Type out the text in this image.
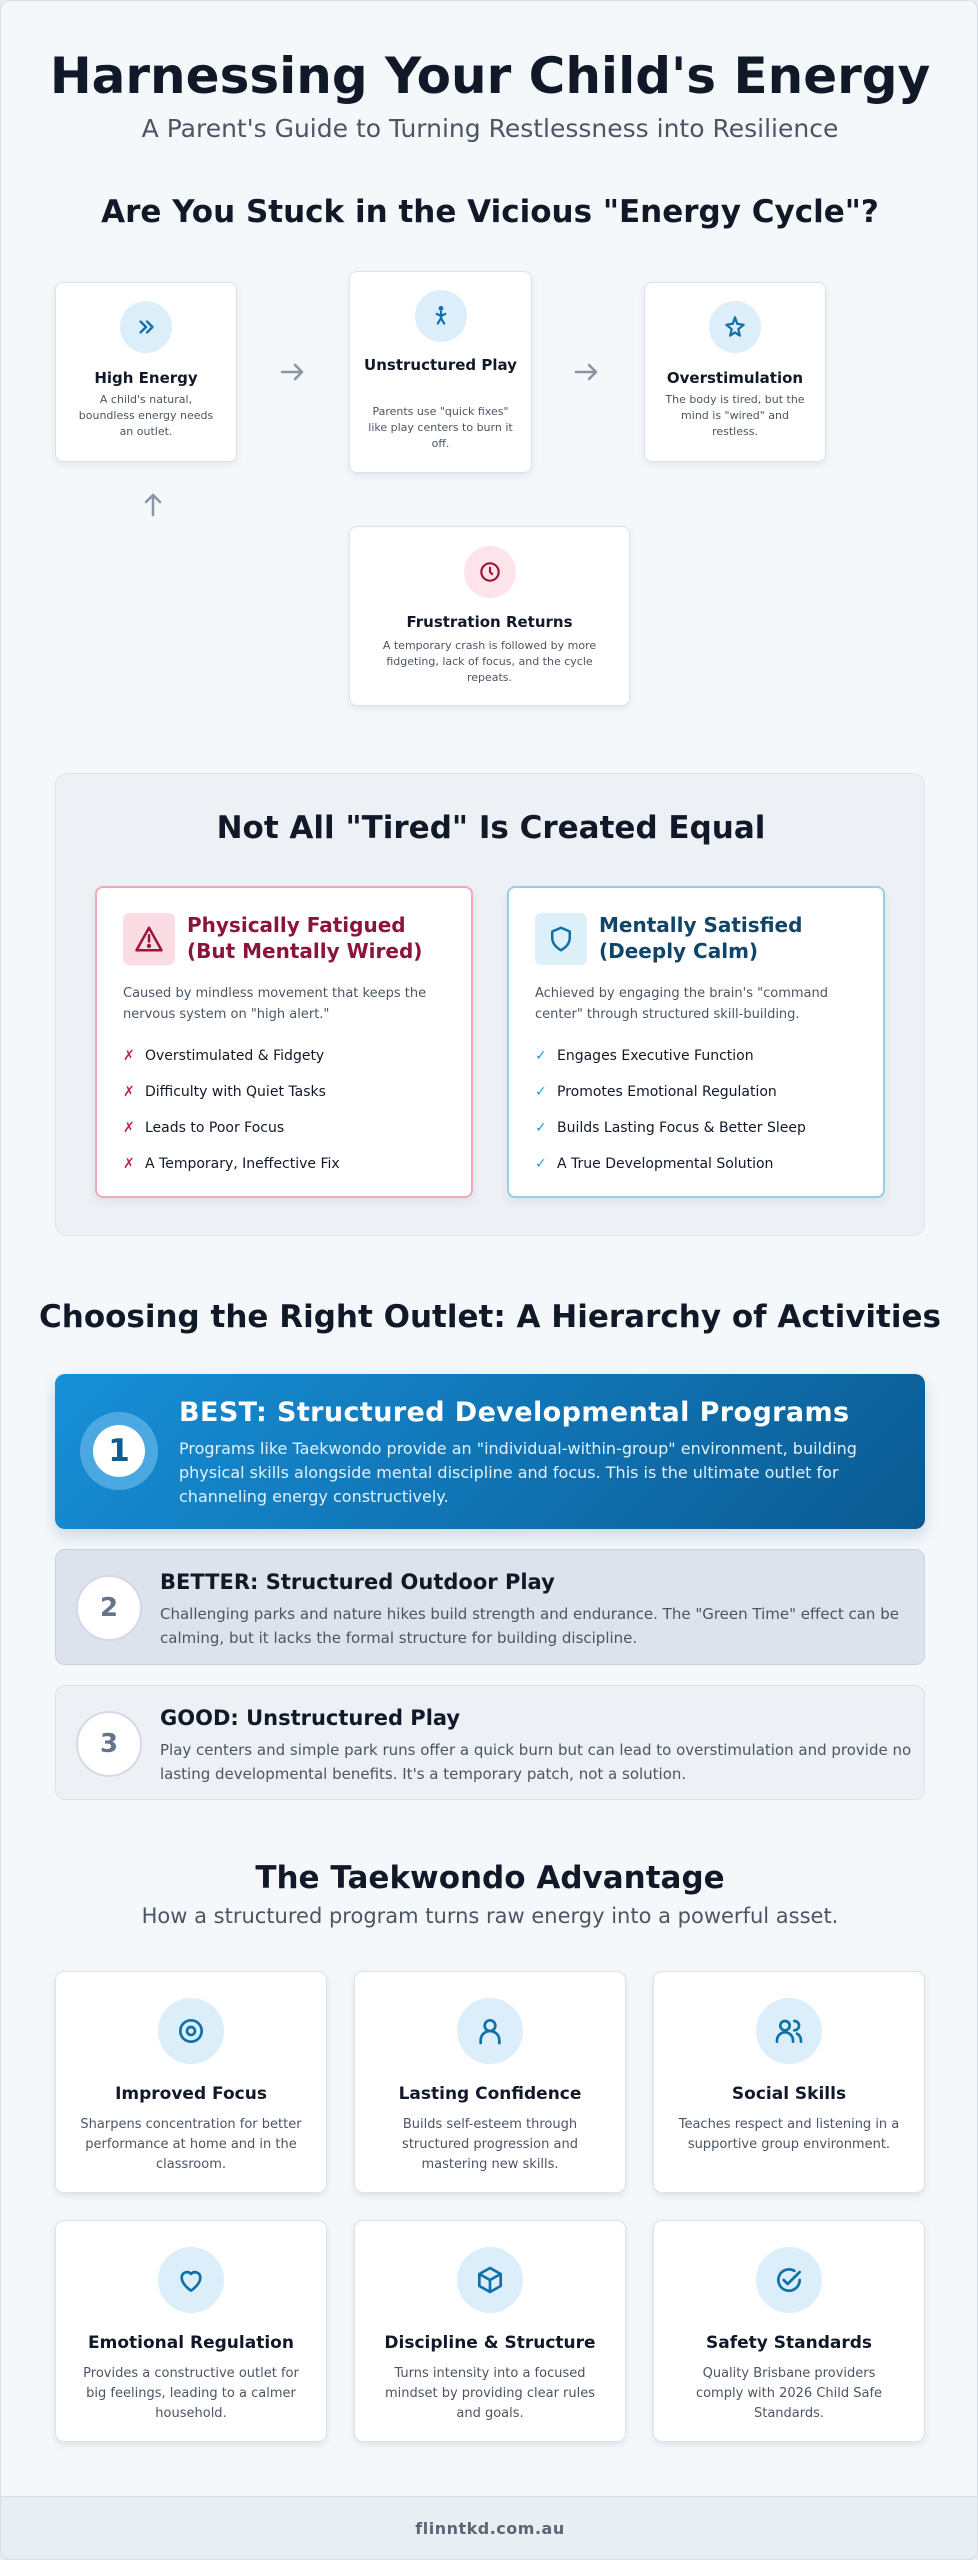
Harnessing Your Child's Energy
A Parent's Guide to Turning Restlessness into Resilience
Are You Stuck in the Vicious "Energy Cycle"?
High Energy
A child's natural, boundless energy needs an outlet.
Unstructured Play
Parents use "quick fixes" like play centers to burn it off.
Overstimulation
The body is tired, but the mind is "wired" and restless.
Frustration Returns
A temporary crash is followed by more fidgeting, lack of focus, and the cycle repeats.
Not All "Tired" Is Created Equal
Physically Fatigued (But Mentally Wired)
Caused by mindless movement that keeps the nervous system on "high alert."
✗ Overstimulated & Fidgety
✗ Difficulty with Quiet Tasks
✗ Leads to Poor Focus
✗ A Temporary, Ineffective Fix
Mentally Satisfied (Deeply Calm)
Achieved by engaging the brain's "command center" through structured skill-building.
✓ Engages Executive Function
✓ Promotes Emotional Regulation
✓ Builds Lasting Focus & Better Sleep
✓ A True Developmental Solution
Choosing the Right Outlet: A Hierarchy of Activities
1
BEST: Structured Developmental Programs
Programs like Taekwondo provide an "individual-within-group" environment, building physical skills alongside mental discipline and focus. This is the ultimate outlet for channeling energy constructively.
2
BETTER: Structured Outdoor Play
Challenging parks and nature hikes build strength and endurance. The "Green Time" effect can be calming, but it lacks the formal structure for building discipline.
3
GOOD: Unstructured Play
Play centers and simple park runs offer a quick burn but can lead to overstimulation and provide no lasting developmental benefits. It's a temporary patch, not a solution.
The Taekwondo Advantage
How a structured program turns raw energy into a powerful asset.
Improved Focus
Sharpens concentration for better performance at home and in the classroom.
Lasting Confidence
Builds self-esteem through structured progression and mastering new skills.
Social Skills
Teaches respect and listening in a supportive group environment.
Emotional Regulation
Provides a constructive outlet for big feelings, leading to a calmer household.
Discipline & Structure
Turns intensity into a focused mindset by providing clear rules and goals.
Safety Standards
Quality Brisbane providers comply with 2026 Child Safe Standards.
flinntkd.com.au
